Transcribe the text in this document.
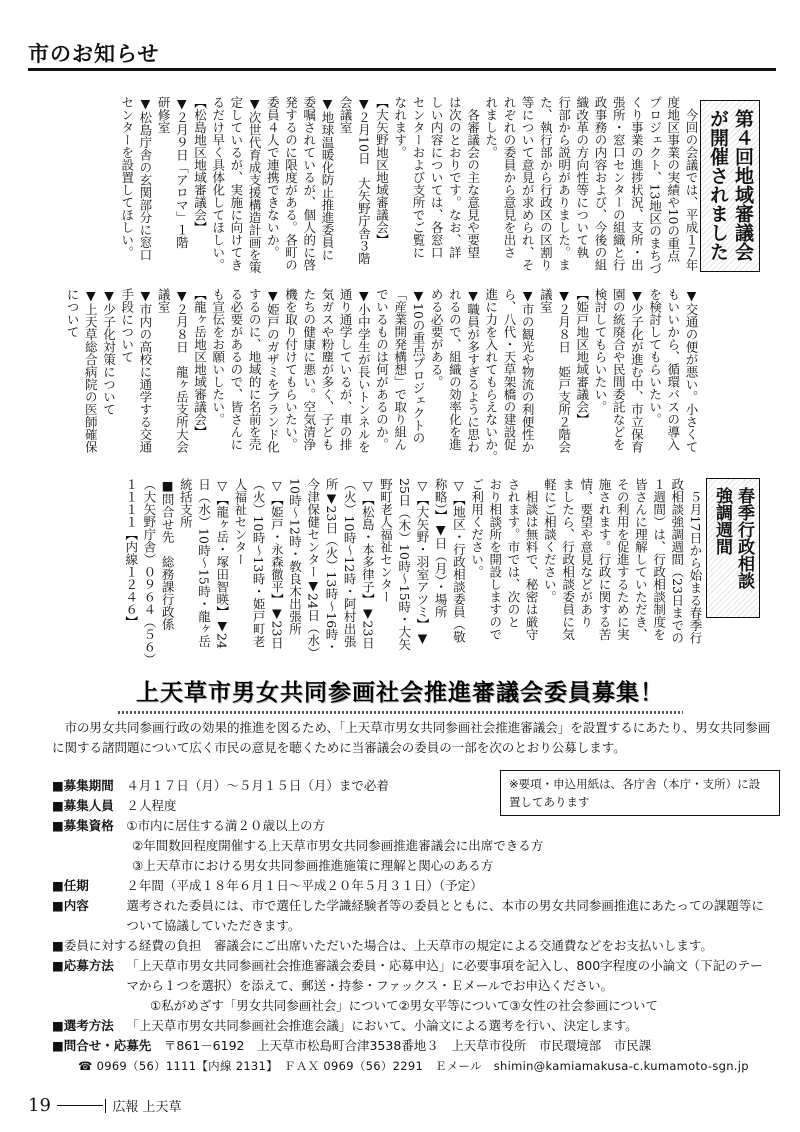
市のお知らせ
第４回地域審議会
が開催されました
　今回の会議では、平成１７年
度地区事業の実績や10の重点
プロジェクト、13地区のまちづ
くり事業の進捗状況、支所・出
張所・窓口センターの組織と行
政事務の内容および、今後の組
織改革の方向性等について執
行部から説明がありました。ま
た、執行部から行政区の区割り
等について意見が求められ、そ
れぞれの委員から意見を出さ
れました。
　各審議会の主な意見や要望
は次のとおりです。なお、詳
しい内容については、各窓口
センターおよび支所でご覧に
なれます。
【大矢野地区地域審議会】
▼２月10日　大矢野庁舎３階
会議室
▼地球温暖化防止推進委員に
委嘱されているが、個人的に啓
発するのに限度がある。各町の
委員４人で連携できないか。
▼次世代育成支援構造計画を策
定しているが、実施に向けてき
るだけ早く具体化してほしい。
【松島地区地域審議会】
▼２月９日「アロマ」１階
研修室
▼松島庁舎の玄関部分に窓口
センターを設置してほしい。
▼交通の便が悪い。小さくて
もいいから、循環バスの導入
を検討してもらいたい。
▼少子化が進む中、市立保育
園の統廃合や民間委託などを
検討してもらいたい。
【姫戸地区地域審議会】
▼２月８日　姫戸支所２階会
議室
▼市の観光や物流の利便性か
ら、八代・天草架橋の建設促
進に力を入れてもらえないか。
▼職員が多すぎるように思わ
れるので、組織の効率化を進
める必要がある。
▼10の重点プロジェクトの
「産業開発構想」で取り組ん
でいるものは何があるのか。
▼小中学生が長いトンネルを
通り通学しているが、車の排
気ガスや粉塵が多く、子ども
たちの健康に悪い。空気清浄
機を取り付けてもらいたい。
▼姫戸のガザミをブランド化
するのに、地域的に名前を売
る必要があるので、皆さんに
も宣伝をお願いしたい。
【龍ヶ岳地区地域審議会】
▼２月８日　龍ヶ岳支所大会
議室
▼市内の高校に通学する交通
手段について
▼少子化対策について
▼上天草総合病院の医師確保
について
春季行政相談
強調週間
　５月17日から始まる春季行
政相談強調週間（23日までの
１週間）は、行政相談制度を
皆さんに理解していただき、
その利用を促進するために実
施されます。行政に関する苦
情、要望や意見などがあり
ましたら、行政相談委員に気
軽にご相談ください。
　相談は無料で、秘密は厳守
されます。市では、次のと
おり相談所を開設しますので
ご利用ください。
▽【地区・行政相談委員（敬
称略）】▼日（月）・場所
▽【大矢野・羽室アツミ】▼
25日（木）10時～15時・大矢
野町老人福祉センター
▽【松島・本多律子】▼23日
（火）10時～12時・阿村出張
所▼23日（火）13時～16時・
今津保健センター▼24日（水）
10時～12時・教良木出張所
▽【姫戸・永森徹平】▼23日
（火）10時～13時・姫戸町老
人福祉センター
▽【龍ヶ岳・塚田智暎】▼24
日（水）10時～15時・龍ヶ岳
統括支所
■問合せ先　総務課行政係
（大矢野庁舎）０９６４（５６）
１１１１【内線１２４６】
上天草市男女共同参画社会推進審議会委員募集！
市の男女共同参画行政の効果的推進を図るため、「上天草市男女共同参画社会推進審議会」を設置するにあたり、男女共同参画に関する諸問題について広く市民の意見を聴くために当審議会の委員の一部を次のとおり公募します。
※要項・申込用紙は、各庁舎（本庁・支所）に設置してあります
■募集期間　 ４月１７日（月）～５月１５日（月）まで必着
■募集人員　 ２人程度
■募集資格　 ①市内に居住する満２０歳以上の方
②年間数回程度開催する上天草市男女共同参画推進審議会に出席できる方
③上天草市における男女共同参画推進施策に理解と関心のある方
■任期　　　 ２年間（平成１８年６月１日～平成２０年５月３１日）（予定）
■内容　　　 選考された委員には、市で選任した学識経験者等の委員とともに、本市の男女共同参画推進にあたっての課題等について協議していただきます。
■ 委員に対する経費の負担　審議会にご出席いただいた場合は、上天草市の規定による交通費などをお支払いします。
■応募方法　 「上天草市男女共同参画社会推進審議会委員・応募申込」に必要事項を記入し、800字程度の小論文（下記のテーマから１つを選択）を添えて、郵送・持参・ファックス・Ｅメールでお申込ください。
①私がめざす「男女共同参画社会」について②男女平等について③女性の社会参画について
■選考方法　 「上天草市男女共同参画社会推進会議」において、小論文による選考を行い、決定します。
■問合せ・応募先　 〒861－6192　上天草市松島町合津3538番地３　上天草市役所　市民環境部　市民課
☎ 0969（56）1111【内線 2131】　ＦＡＸ 0969（56）2291　Ｅメール　shimin@kamiamakusa-c.kumamoto-sgn.jp
19	広報 上天草
